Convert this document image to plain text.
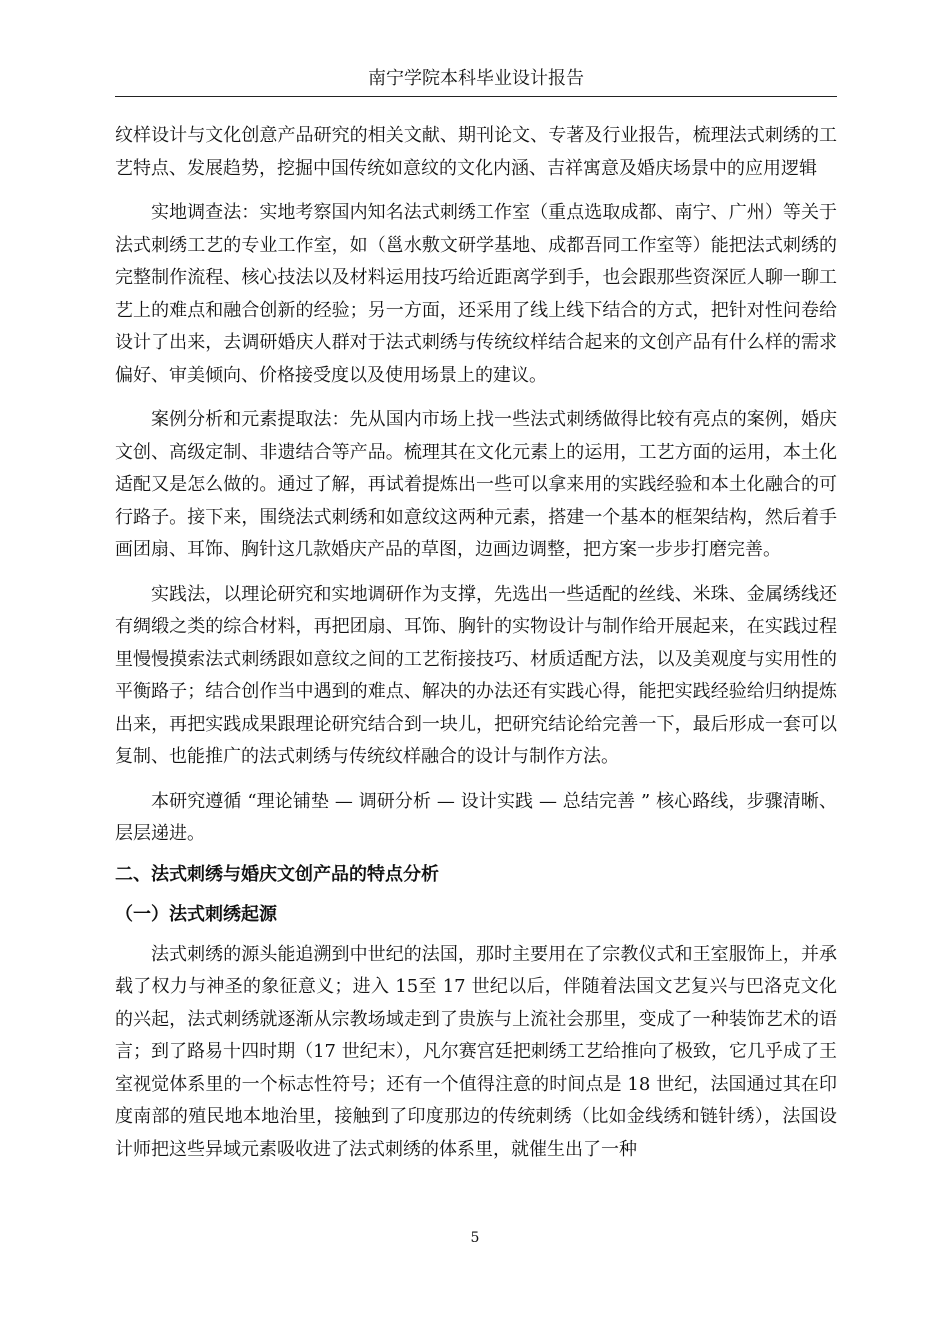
南宁学院本科毕业设计报告

纹样设计与文化创意产品研究的相关文献、期刊论文、专著及行业报告，梳理法式刺绣的工艺特点、发展趋势，挖掘中国传统如意纹的文化内涵、吉祥寓意及婚庆场景中的应用逻辑

实地调查法：实地考察国内知名法式刺绣工作室（重点选取成都、南宁、广州）等关于法式刺绣工艺的专业工作室，如（邕水敷文研学基地、成都吾同工作室等）能把法式刺绣的完整制作流程、核心技法以及材料运用技巧给近距离学到手，也会跟那些资深匠人聊一聊工艺上的难点和融合创新的经验；另一方面，还采用了线上线下结合的方式，把针对性问卷给设计了出来，去调研婚庆人群对于法式刺绣与传统纹样结合起来的文创产品有什么样的需求偏好、审美倾向、价格接受度以及使用场景上的建议。

案例分析和元素提取法：先从国内市场上找一些法式刺绣做得比较有亮点的案例，婚庆文创、高级定制、非遗结合等产品。梳理其在文化元素上的运用，工艺方面的运用，本土化适配又是怎么做的。通过了解，再试着提炼出一些可以拿来用的实践经验和本土化融合的可行路子。接下来，围绕法式刺绣和如意纹这两种元素，搭建一个基本的框架结构，然后着手画团扇、耳饰、胸针这几款婚庆产品的草图，边画边调整，把方案一步步打磨完善。

实践法，以理论研究和实地调研作为支撑，先选出一些适配的丝线、米珠、金属绣线还有绸缎之类的综合材料，再把团扇、耳饰、胸针的实物设计与制作给开展起来，在实践过程里慢慢摸索法式刺绣跟如意纹之间的工艺衔接技巧、材质适配方法，以及美观度与实用性的平衡路子；结合创作当中遇到的难点、解决的办法还有实践心得，能把实践经验给归纳提炼出来，再把实践成果跟理论研究结合到一块儿，把研究结论给完善一下，最后形成一套可以复制、也能推广的法式刺绣与传统纹样融合的设计与制作方法。

本研究遵循 “理论铺垫 — 调研分析 — 设计实践 — 总结完善 ” 核心路线，步骤清晰、层层递进。

二、法式刺绣与婚庆文创产品的特点分析
（一）法式刺绣起源

法式刺绣的源头能追溯到中世纪的法国，那时主要用在了宗教仪式和王室服饰上，并承载了权力与神圣的象征意义；进入 15至 17 世纪以后，伴随着法国文艺复兴与巴洛克文化的兴起，法式刺绣就逐渐从宗教场域走到了贵族与上流社会那里，变成了一种装饰艺术的语言；到了路易十四时期（17 世纪末），凡尔赛宫廷把刺绣工艺给推向了极致，它几乎成了王室视觉体系里的一个标志性符号；还有一个值得注意的时间点是 18 世纪，法国通过其在印度南部的殖民地本地治里，接触到了印度那边的传统刺绣（比如金线绣和链针绣），法国设计师把这些异域元素吸收进了法式刺绣的体系里，就催生出了一种

5
